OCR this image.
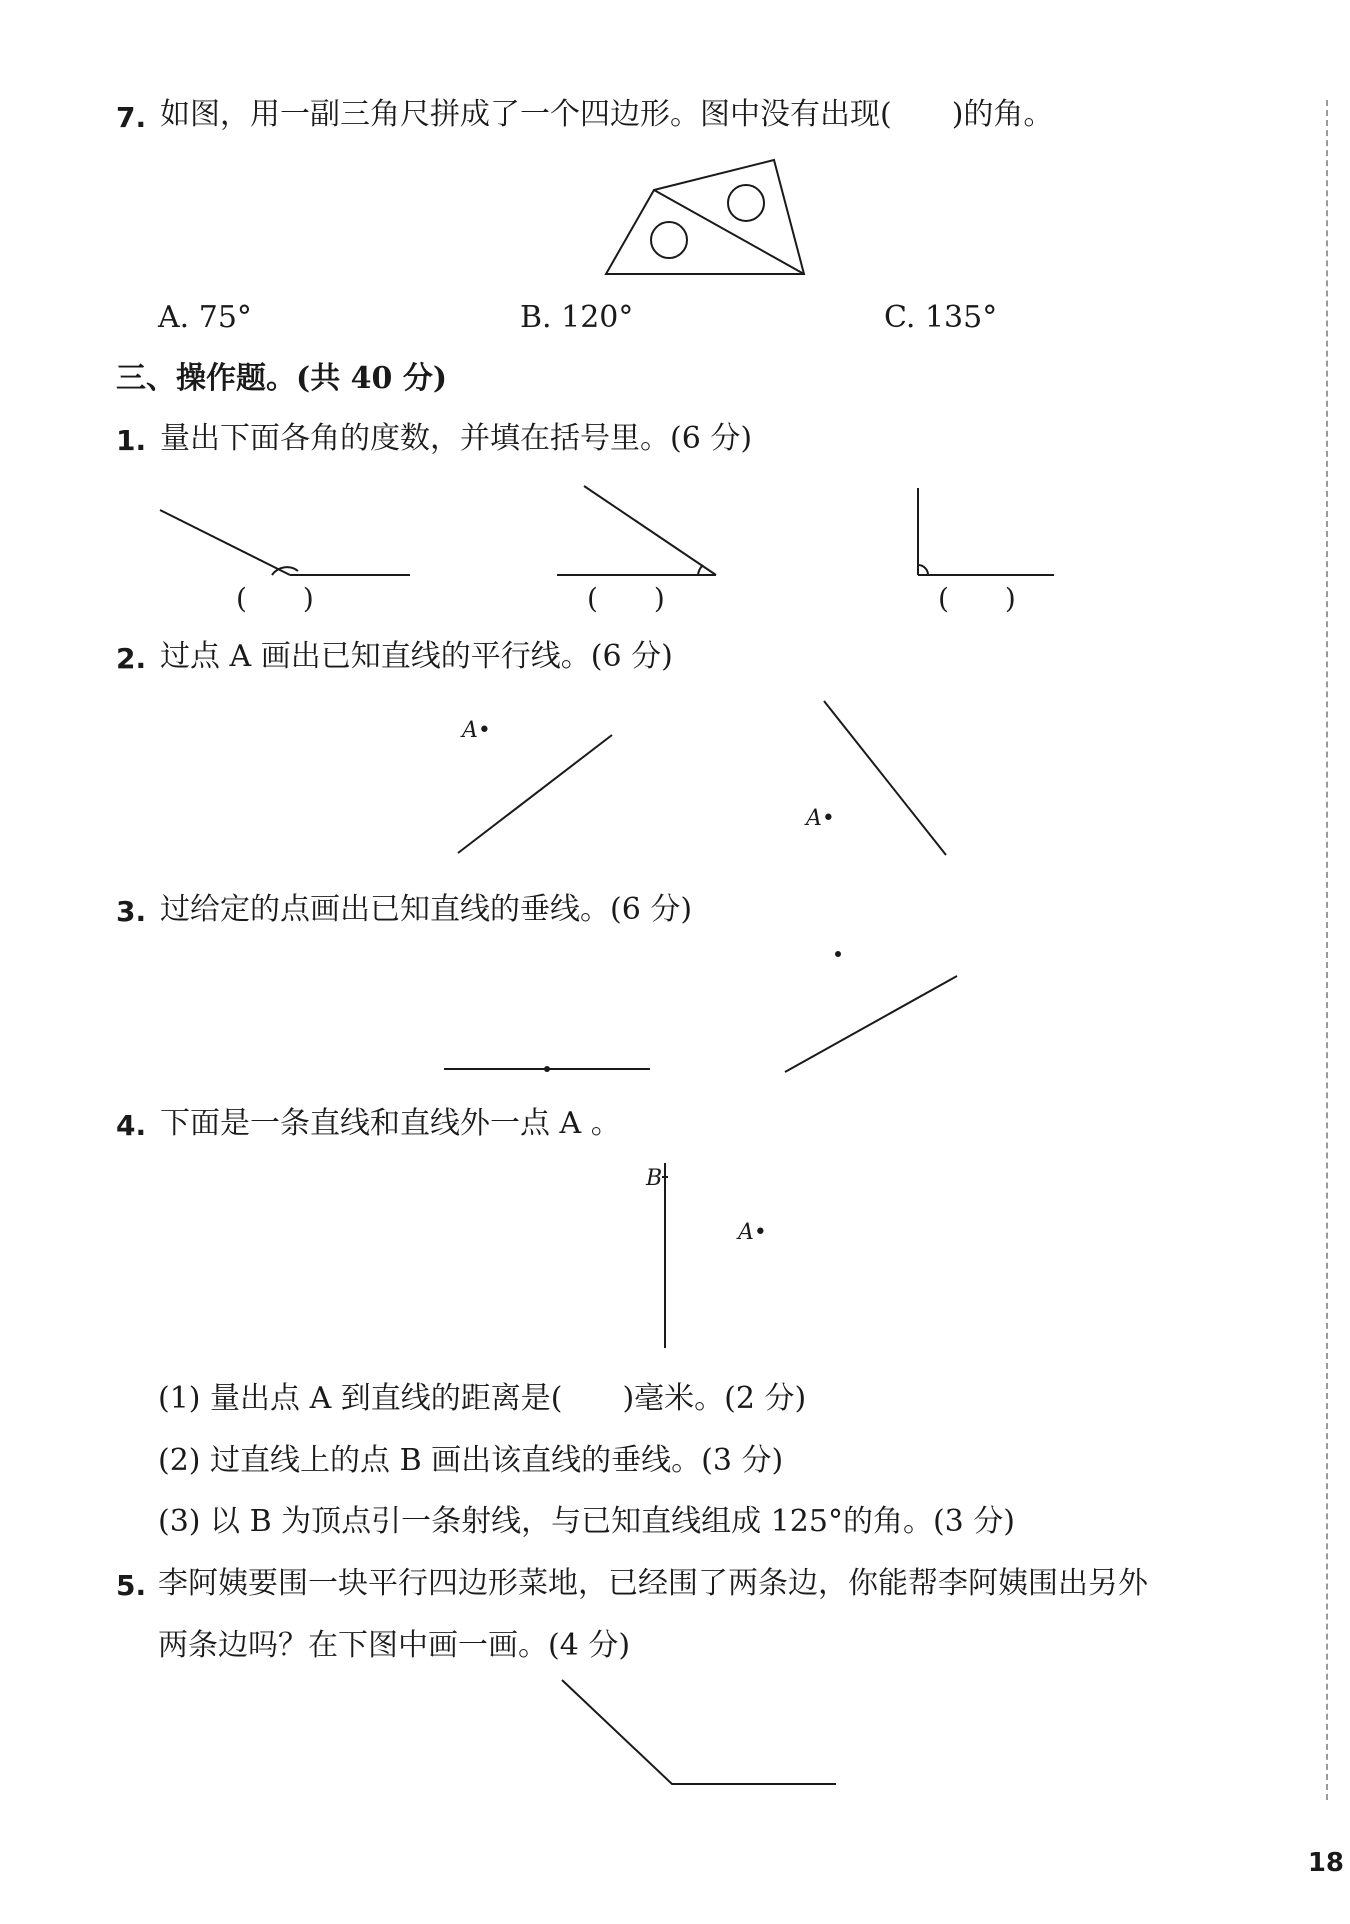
7. 如图，用一副三角尺拼成了一个四边形。图中没有出现(　　)的角。
A. 75°	B. 120°	C. 135°
三、操作题。(共 40 分)
1. 量出下面各角的度数，并填在括号里。(6 分)
(　　)	(　　)	(　　)
2. 过点 A 画出已知直线的平行线。(6 分)
A•
A•
3. 过给定的点画出已知直线的垂线。(6 分)
4. 下面是一条直线和直线外一点 A 。
B
A•
(1) 量出点 A 到直线的距离是(　　)毫米。(2 分)
(2) 过直线上的点 B 画出该直线的垂线。(3 分)
(3) 以 B 为顶点引一条射线，与已知直线组成 125°的角。(3 分)
5. 李阿姨要围一块平行四边形菜地，已经围了两条边，你能帮李阿姨围出另外
两条边吗？在下图中画一画。(4 分)
18
